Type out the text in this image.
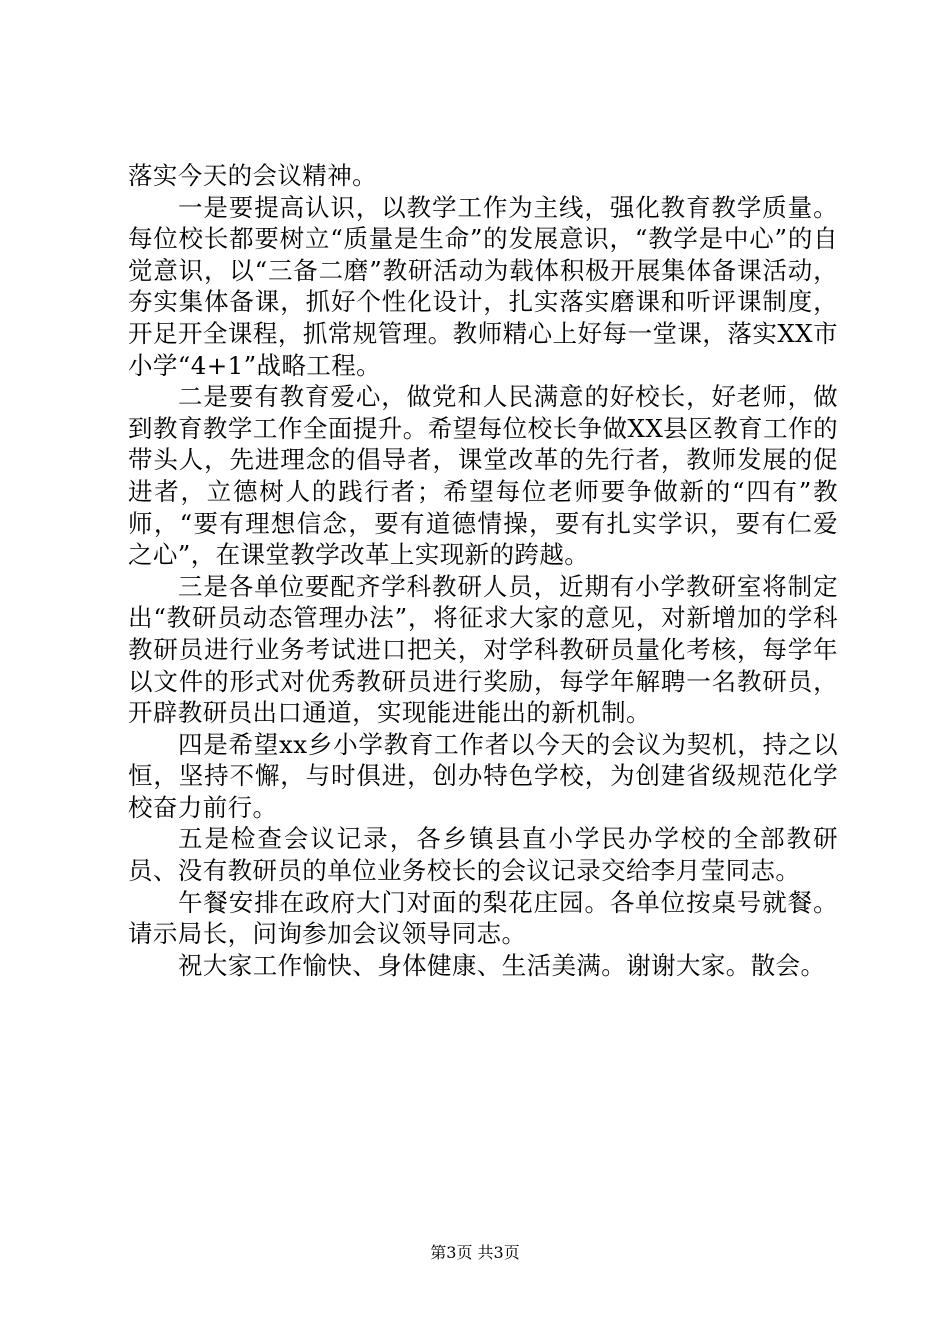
落实今天的会议精神。

一是要提高认识，以教学工作为主线，强化教育教学质量。每位校长都要树立“质量是生命”的发展意识，“教学是中心”的自觉意识，以“三备二磨”教研活动为载体积极开展集体备课活动，夯实集体备课，抓好个性化设计，扎实落实磨课和听评课制度，开足开全课程，抓常规管理。教师精心上好每一堂课，落实XX市小学“4+1”战略工程。

二是要有教育爱心，做党和人民满意的好校长，好老师，做到教育教学工作全面提升。希望每位校长争做XX县区教育工作的带头人，先进理念的倡导者，课堂改革的先行者，教师发展的促进者，立德树人的践行者；希望每位老师要争做新的“四有”教师，“要有理想信念，要有道德情操，要有扎实学识，要有仁爱之心”，在课堂教学改革上实现新的跨越。

三是各单位要配齐学科教研人员，近期有小学教研室将制定出“教研员动态管理办法”，将征求大家的意见，对新增加的学科教研员进行业务考试进口把关，对学科教研员量化考核，每学年以文件的形式对优秀教研员进行奖励，每学年解聘一名教研员，开辟教研员出口通道，实现能进能出的新机制。

四是希望xx乡小学教育工作者以今天的会议为契机，持之以恒，坚持不懈，与时俱进，创办特色学校，为创建省级规范化学校奋力前行。

五是检查会议记录，各乡镇县直小学民办学校的全部教研员、没有教研员的单位业务校长的会议记录交给李月莹同志。

午餐安排在政府大门对面的梨花庄园。各单位按桌号就餐。请示局长，问询参加会议领导同志。

祝大家工作愉快、身体健康、生活美满。谢谢大家。散会。

第3页 共3页
